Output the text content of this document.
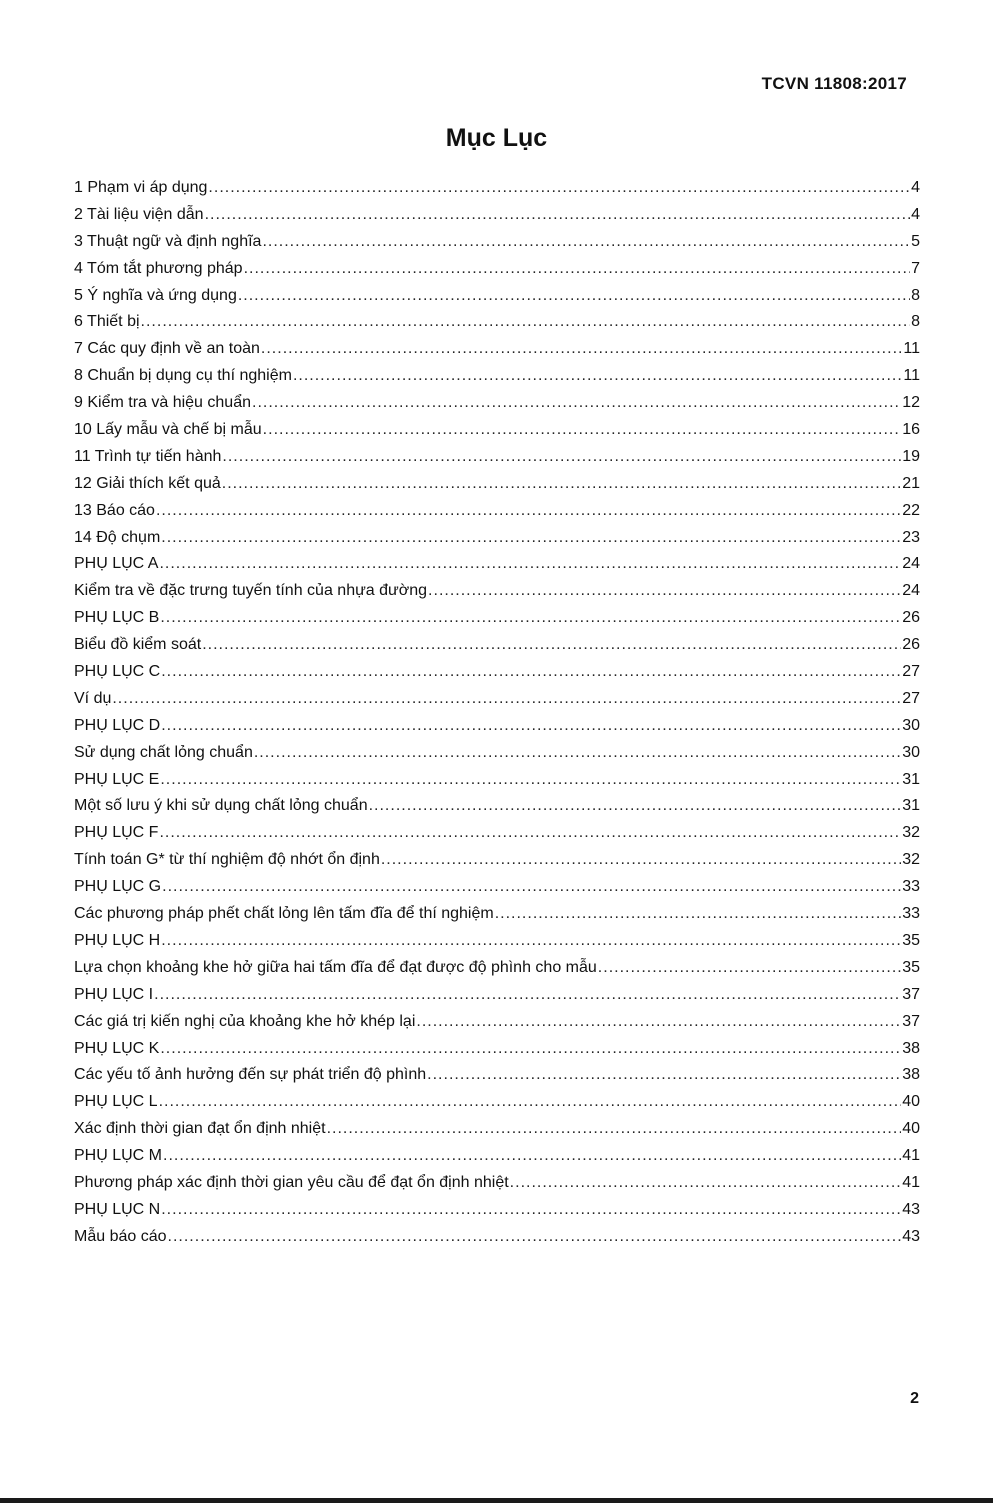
TCVN 11808:2017
Mục Lục
1 Phạm vi áp dụng .....	4
2 Tài liệu viện dẫn .....	4
3 Thuật ngữ và định nghĩa .....	5
4 Tóm tắt phương pháp .....	7
5 Ý nghĩa và ứng dụng .....	8
6 Thiết bị .....	8
7 Các quy định về an toàn .....	11
8 Chuẩn bị dụng cụ thí nghiệm .....	11
9 Kiểm tra và hiệu chuẩn .....	12
10 Lấy mẫu và chế bị mẫu .....	16
11 Trình tự tiến hành .....	19
12 Giải thích kết quả .....	21
13 Báo cáo .....	22
14 Độ chụm .....	23
PHỤ LỤC A .....	24
Kiểm tra về đặc trưng tuyến tính của nhựa đường .....	24
PHỤ LỤC B .....	26
Biểu đồ kiểm soát .....	26
PHỤ LỤC C .....	27
Ví dụ .....	27
PHỤ LỤC D .....	30
Sử dụng chất lỏng chuẩn .....	30
PHỤ LỤC E .....	31
Một số lưu ý khi sử dụng chất lỏng chuẩn .....	31
PHỤ LỤC F .....	32
Tính toán G* từ thí nghiệm độ nhớt ổn định .....	32
PHỤ LỤC G .....	33
Các phương pháp phết chất lỏng lên tấm đĩa để thí nghiệm .....	33
PHỤ LỤC H .....	35
Lựa chọn khoảng khe hở giữa hai tấm đĩa để đạt được độ phình cho mẫu .....	35
PHỤ LỤC I .....	37
Các giá trị kiến nghị của khoảng khe hở khép lại .....	37
PHỤ LỤC K .....	38
Các yếu tố ảnh hưởng đến sự phát triển độ phình .....	38
PHỤ LỤC L .....	40
Xác định thời gian đạt ổn định nhiệt .....	40
PHỤ LỤC M .....	41
Phương pháp xác định thời gian yêu cầu để đạt ổn định nhiệt .....	41
PHỤ LỤC N .....	43
Mẫu báo cáo .....	43
2
